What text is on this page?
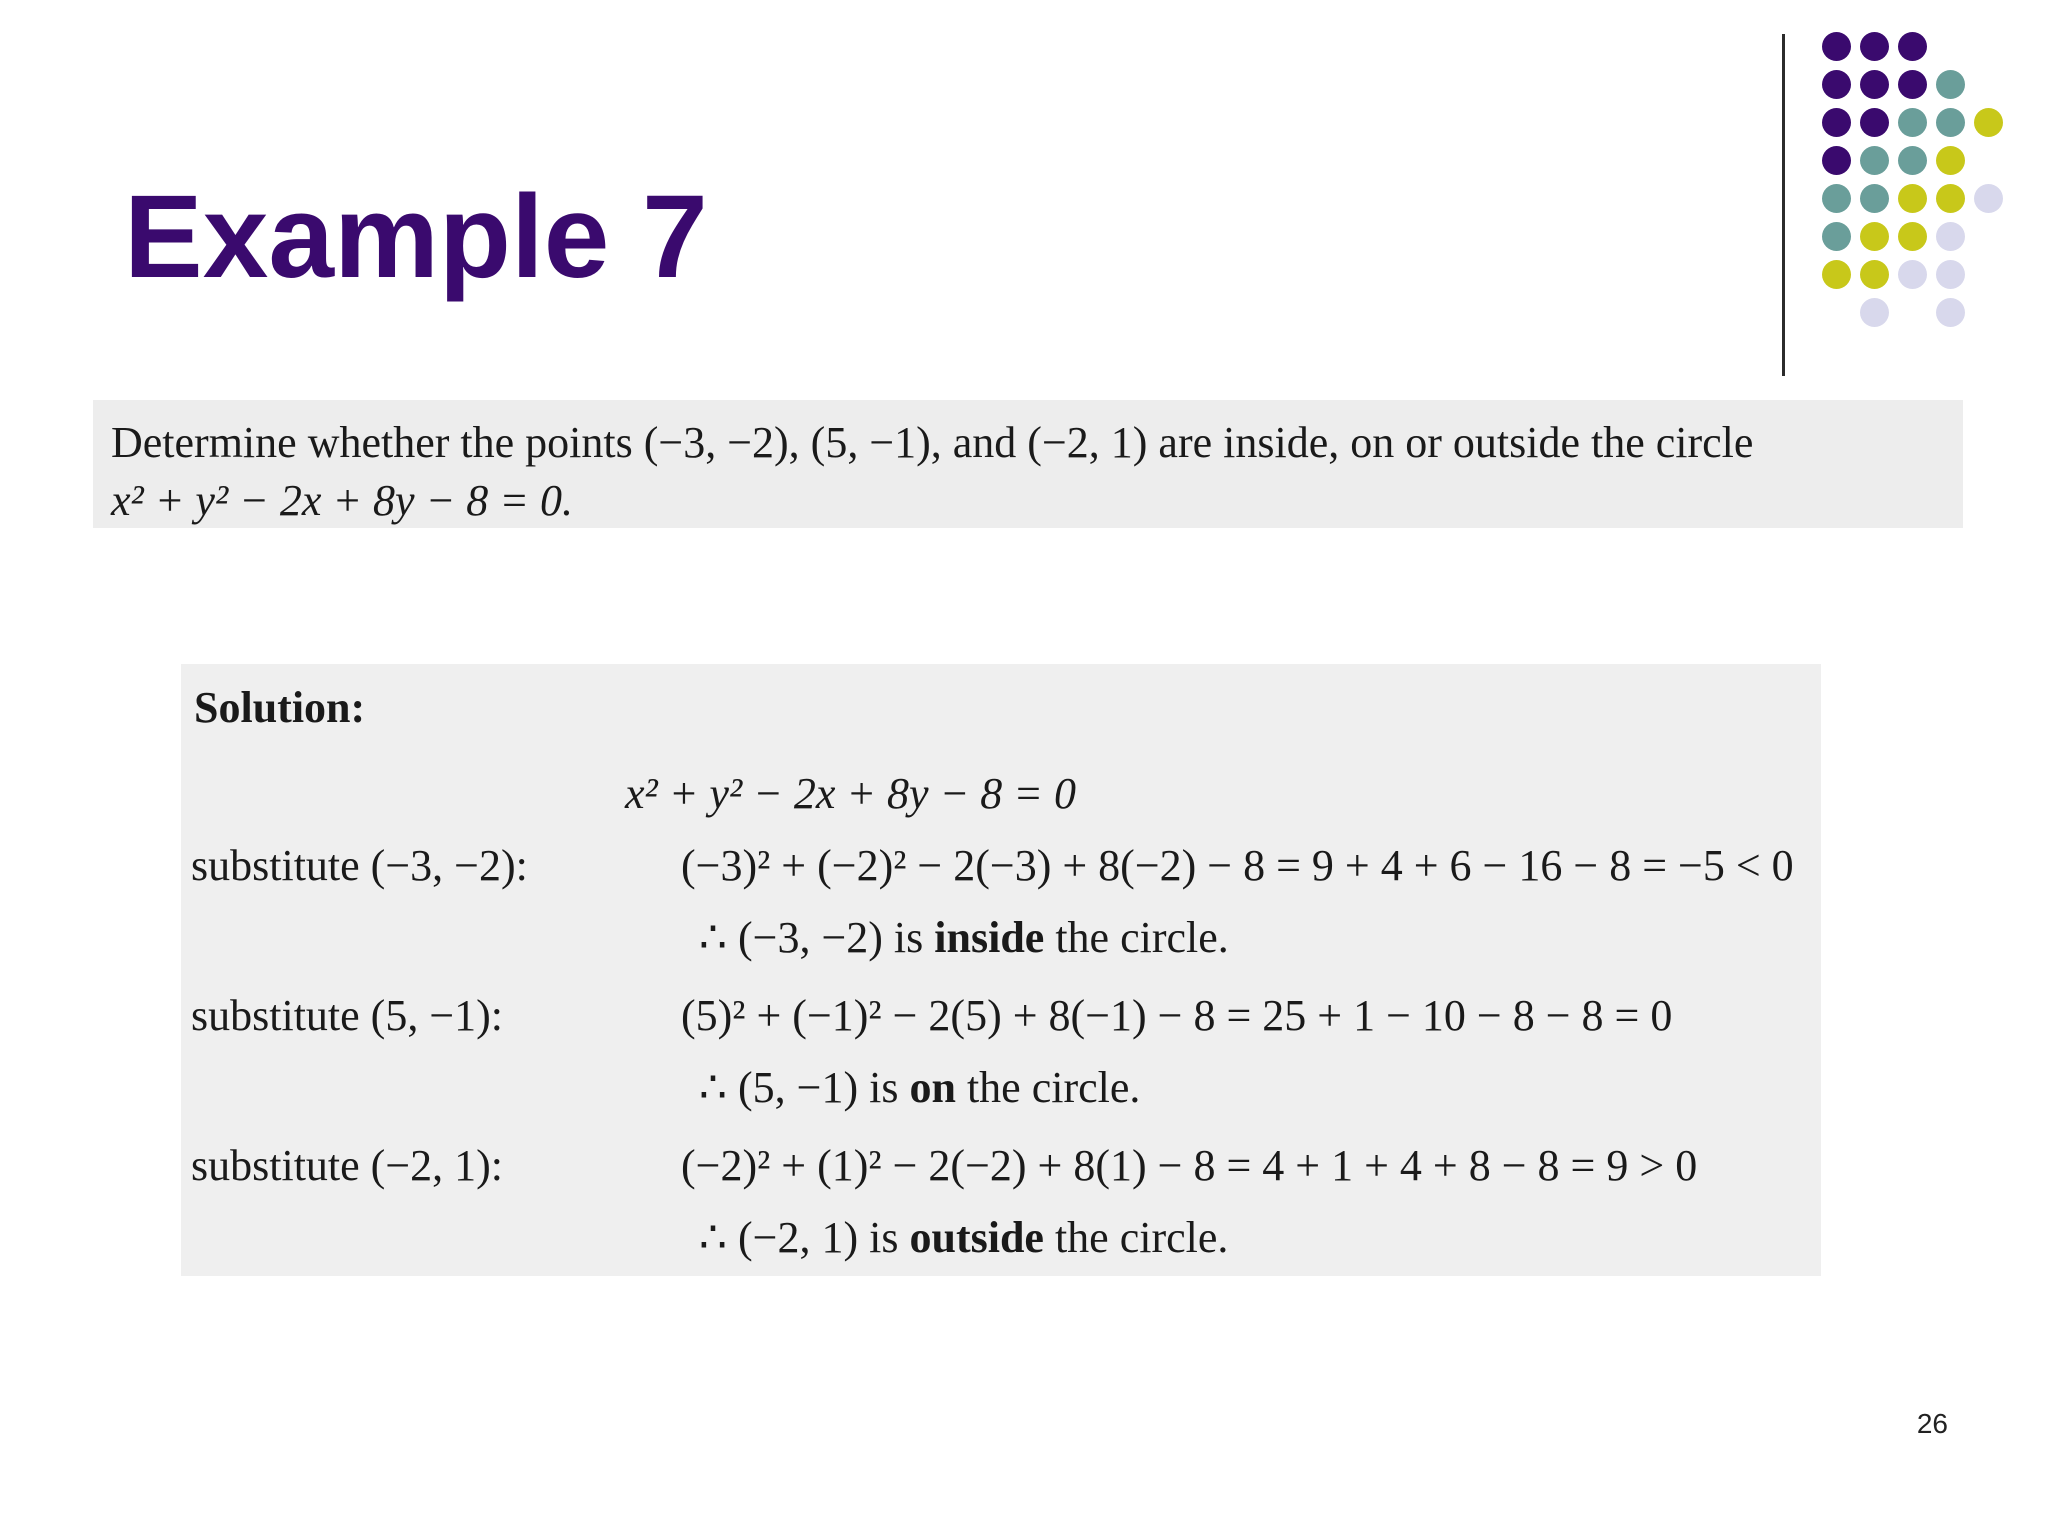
Example 7
Determine whether the points (−3, −2), (5, −1), and (−2, 1) are inside, on or outside the circle
x² + y² − 2x + 8y − 8 = 0.
Solution:
x² + y² − 2x + 8y − 8 = 0
substitute (−3, −2):	(−3)² + (−2)² − 2(−3) + 8(−2) − 8 = 9 + 4 + 6 − 16 − 8 = −5 < 0
∴ (−3, −2) is inside the circle.
substitute (5, −1):	(5)² + (−1)² − 2(5) + 8(−1) − 8 = 25 + 1 − 10 − 8 − 8 = 0
∴ (5, −1) is on the circle.
substitute (−2, 1):	(−2)² + (1)² − 2(−2) + 8(1) − 8 = 4 + 1 + 4 + 8 − 8 = 9 > 0
∴ (−2, 1) is outside the circle.
26
